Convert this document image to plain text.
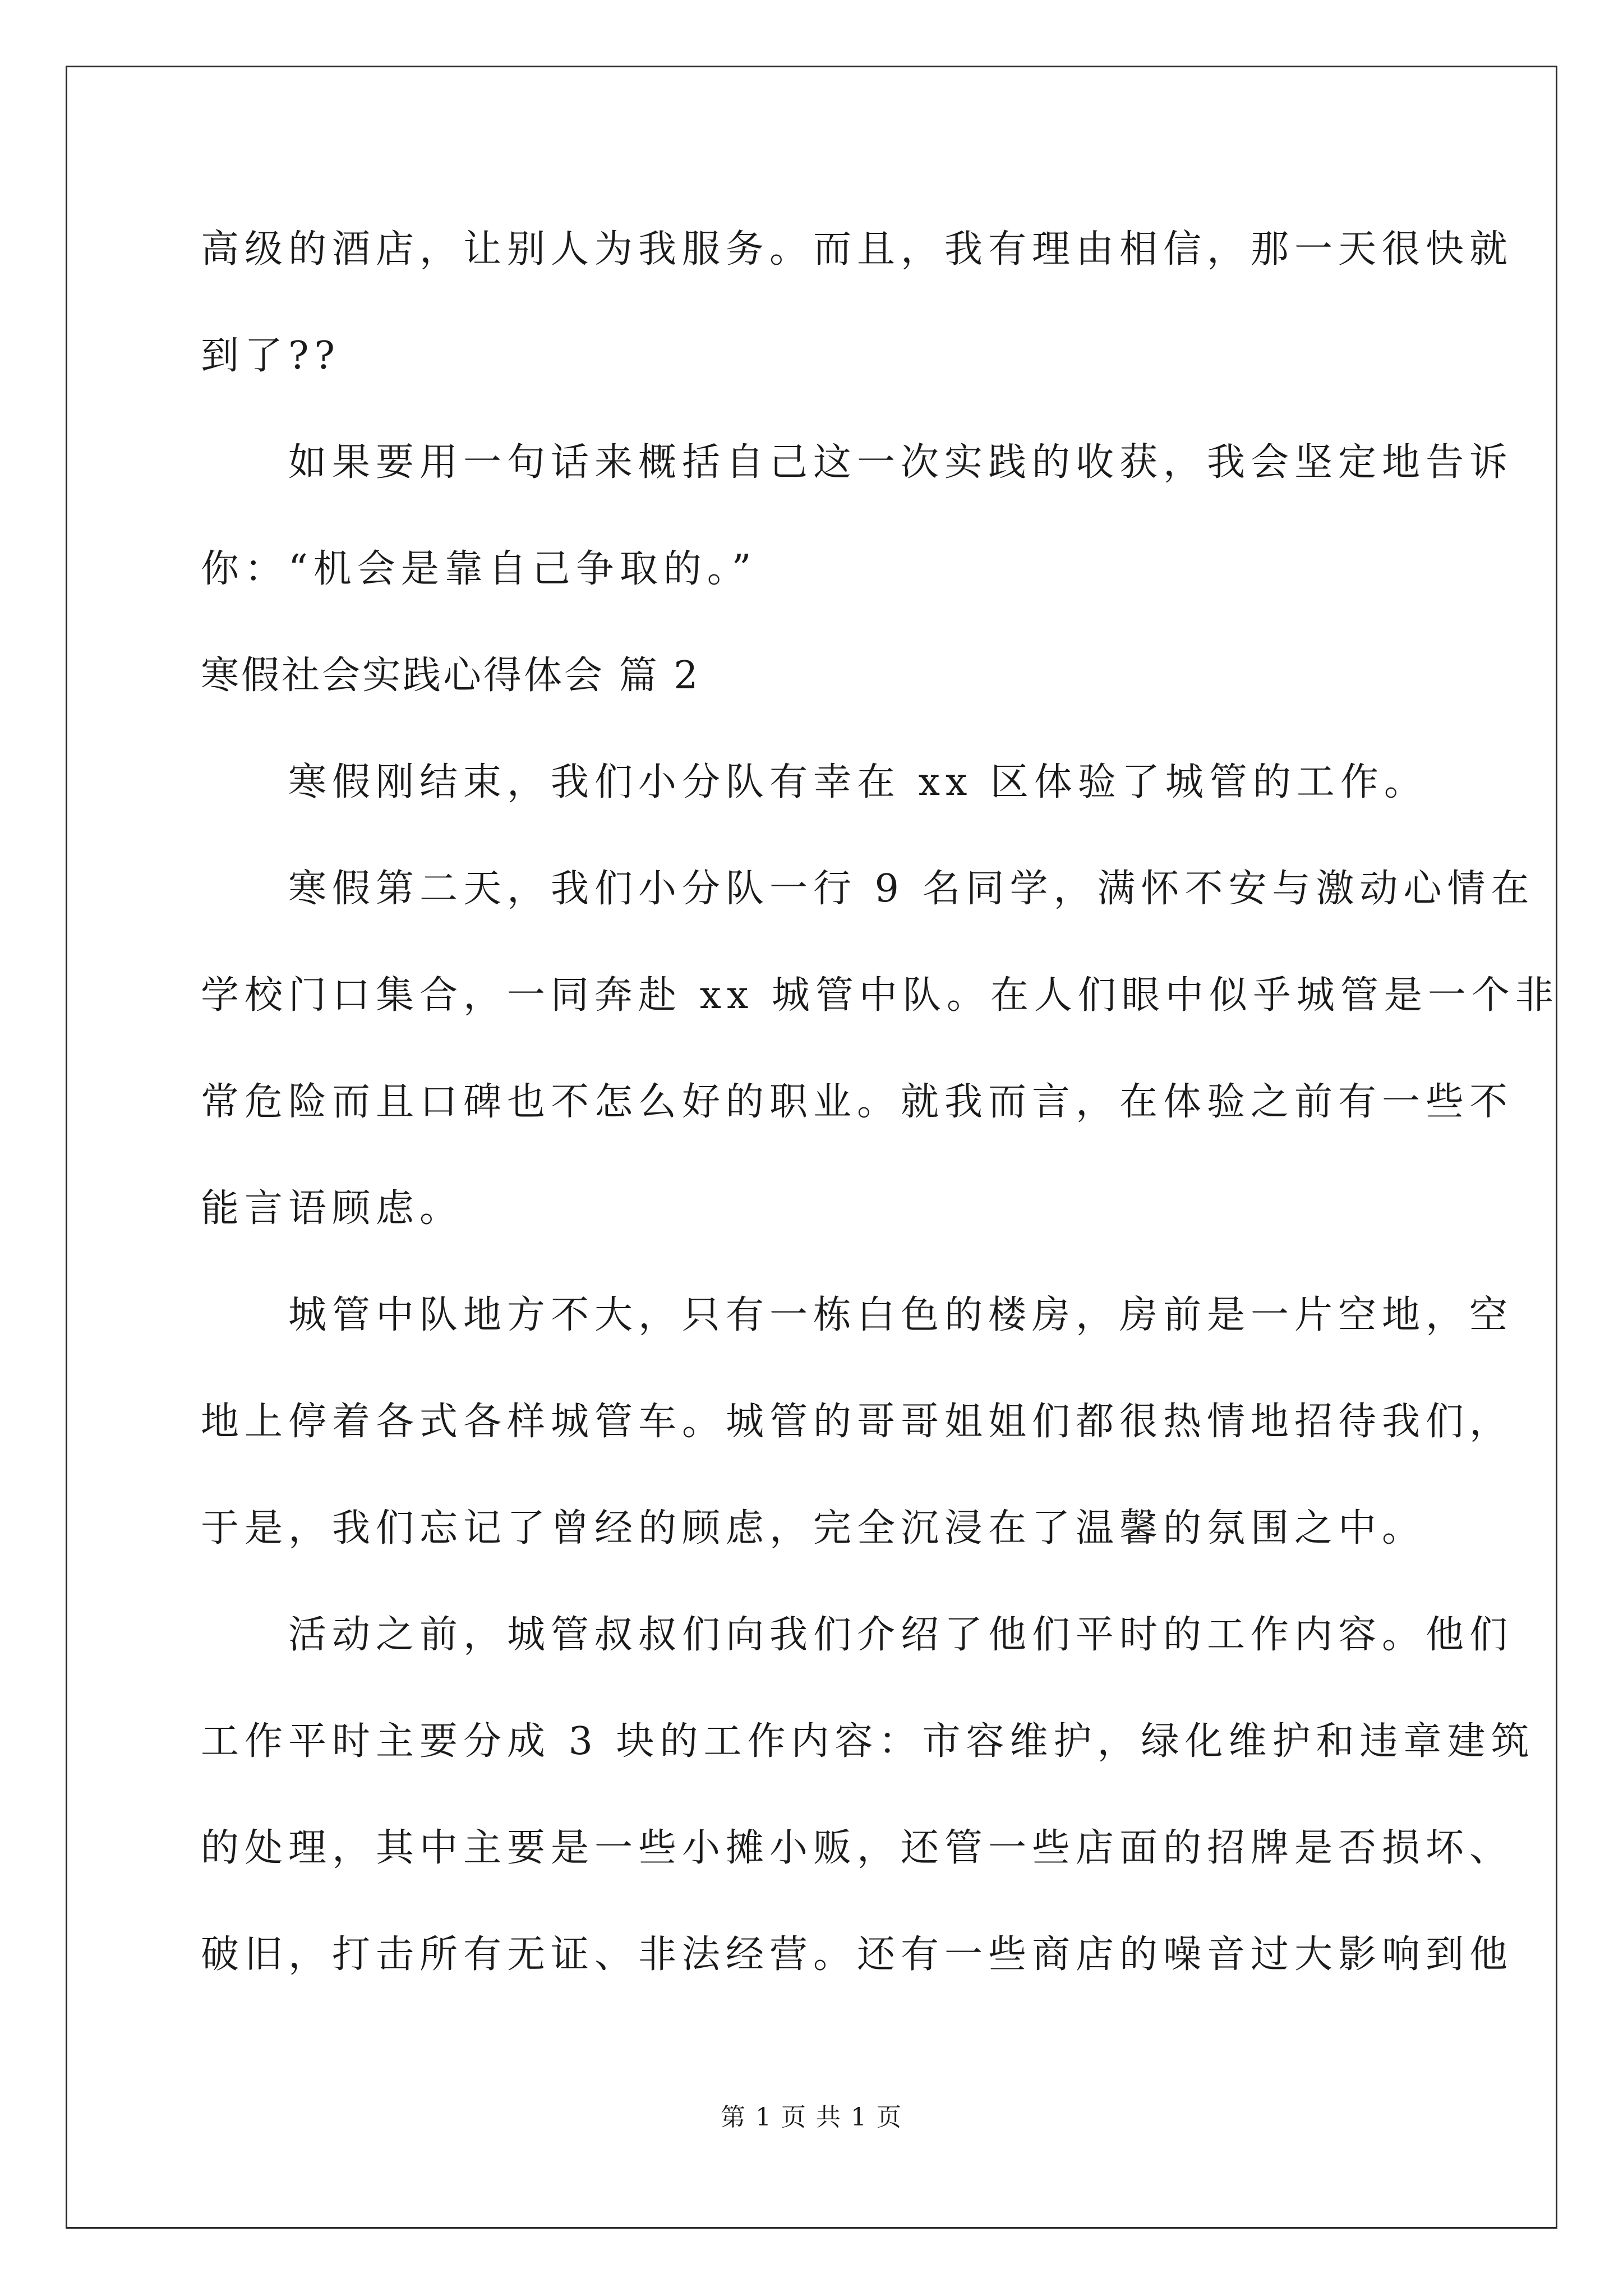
高级的酒店，让别人为我服务。而且，我有理由相信，那一天很快就
到了??
　　如果要用一句话来概括自己这一次实践的收获，我会坚定地告诉
你：“机会是靠自己争取的。”
寒假社会实践心得体会 篇 2
　　寒假刚结束，我们小分队有幸在 xx 区体验了城管的工作。
　　寒假第二天，我们小分队一行 9 名同学，满怀不安与激动心情在
学校门口集合，一同奔赴 xx 城管中队。在人们眼中似乎城管是一个非
常危险而且口碑也不怎么好的职业。就我而言，在体验之前有一些不
能言语顾虑。
　　城管中队地方不大，只有一栋白色的楼房，房前是一片空地，空
地上停着各式各样城管车。城管的哥哥姐姐们都很热情地招待我们，
于是，我们忘记了曾经的顾虑，完全沉浸在了温馨的氛围之中。
　　活动之前，城管叔叔们向我们介绍了他们平时的工作内容。他们
工作平时主要分成 3 块的工作内容：市容维护，绿化维护和违章建筑
的处理，其中主要是一些小摊小贩，还管一些店面的招牌是否损坏、
破旧，打击所有无证、非法经营。还有一些商店的噪音过大影响到他
第 1 页 共 1 页
